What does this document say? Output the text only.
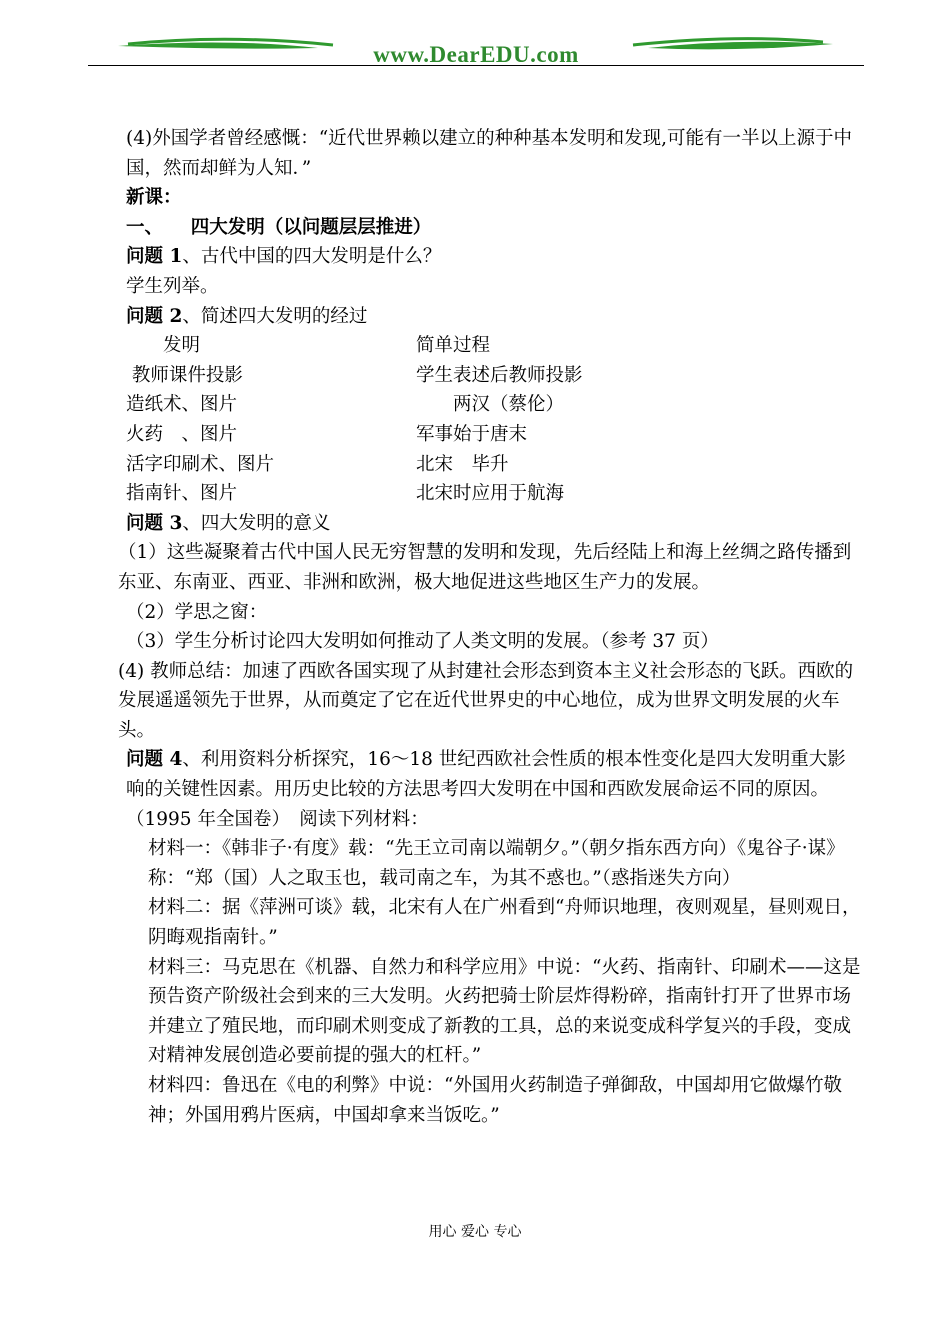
www.DearEDU.com

(4)外国学者曾经感慨：“近代世界赖以建立的种种基本发明和发现,可能有一半以上源于中国，然而却鲜为人知．”

新课：

一、　　四大发明（以问题层层推进）

问题 1、古代中国的四大发明是什么？

学生列举。

问题 2、简述四大发明的经过

　　发明	简单过程
教师课件投影	学生表述后教师投影
造纸术、图片	　　两汉（蔡伦）
火药　、图片	军事始于唐末
活字印刷术、图片	北宋　毕升
指南针、图片	北宋时应用于航海

问题 3、四大发明的意义

（1）这些凝聚着古代中国人民无穷智慧的发明和发现，先后经陆上和海上丝绸之路传播到东亚、东南亚、西亚、非洲和欧洲，极大地促进这些地区生产力的发展。

（2）学思之窗：

（3）学生分析讨论四大发明如何推动了人类文明的发展。（参考 37 页）

(4) 教师总结：加速了西欧各国实现了从封建社会形态到资本主义社会形态的飞跃。西欧的发展遥遥领先于世界，从而奠定了它在近代世界史的中心地位，成为世界文明发展的火车头。

问题 4、利用资料分析探究，16～18 世纪西欧社会性质的根本性变化是四大发明重大影响的关键性因素。用历史比较的方法思考四大发明在中国和西欧发展命运不同的原因。

（1995 年全国卷）　阅读下列材料：

材料一：《韩非子·有度》载：“先王立司南以端朝夕。”（朝夕指东西方向）《鬼谷子·谋》称：“郑（国）人之取玉也，载司南之车，为其不惑也。”（惑指迷失方向）

材料二：据《萍洲可谈》载，北宋有人在广州看到“舟师识地理，夜则观星，昼则观日，阴晦观指南针。”

材料三：马克思在《机器、自然力和科学应用》中说：“火药、指南针、印刷术——这是预告资产阶级社会到来的三大发明。火药把骑士阶层炸得粉碎，指南针打开了世界市场并建立了殖民地，而印刷术则变成了新教的工具，总的来说变成科学复兴的手段，变成对精神发展创造必要前提的强大的杠杆。”

材料四：鲁迅在《电的利弊》中说：“外国用火药制造子弹御敌，中国却用它做爆竹敬神；外国用鸦片医病，中国却拿来当饭吃。”

用心 爱心 专心
